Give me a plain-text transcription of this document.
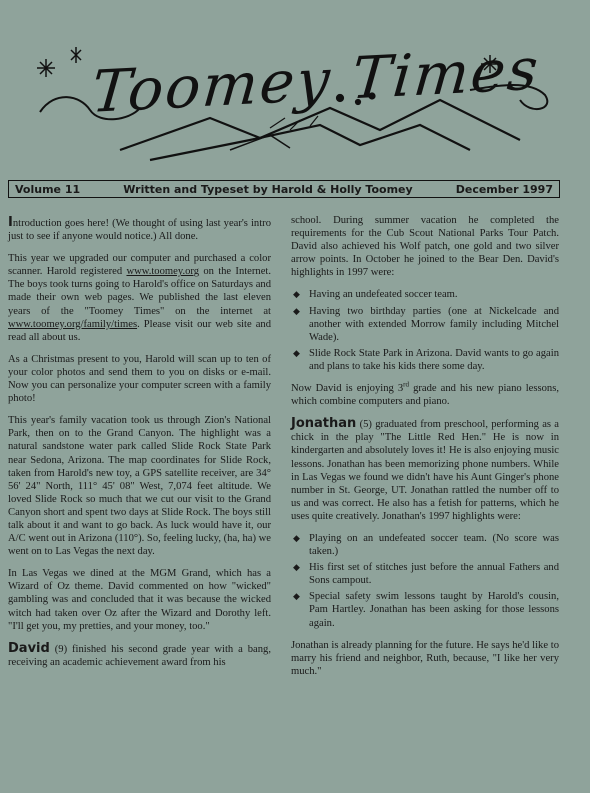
Toomey Times
Volume 11	Written and Typeset by Harold & Holly Toomey	December 1997

Introduction goes here! (We thought of using last year's intro just to see if anyone would notice.) All done.

This year we upgraded our computer and purchased a color scanner. Harold registered www.toomey.org on the Internet. The boys took turns going to Harold's office on Saturdays and made their own web pages. We published the last eleven years of the "Toomey Times" on the internet at www.toomey.org/family/times. Please visit our web site and read all about us.

As a Christmas present to you, Harold will scan up to ten of your color photos and send them to you on disks or e-mail. Now you can personalize your computer screen with a family photo!

This year's family vacation took us through Zion's National Park, then on to the Grand Canyon. The highlight was a natural sandstone water park called Slide Rock State Park near Sedona, Arizona. The map coordinates for Slide Rock, taken from Harold's new toy, a GPS satellite receiver, are 34° 56' 24" North, 111° 45' 08" West, 7,074 feet altitude. We loved Slide Rock so much that we cut our visit to the Grand Canyon short and spent two days at Slide Rock. The boys still talk about it and want to go back. As luck would have it, our A/C went out in Arizona (110°). So, feeling lucky, (ha, ha) we went on to Las Vegas the next day.

In Las Vegas we dined at the MGM Grand, which has a Wizard of Oz theme. David commented on how "wicked" gambling was and concluded that it was because the wicked witch had taken over Oz after the Wizard and Dorothy left. "I'll get you, my pretties, and your money, too."

David (9) finished his second grade year with a bang, receiving an academic achievement award from his

school. During summer vacation he completed the requirements for the Cub Scout National Parks Tour Patch. David also achieved his Wolf patch, one gold and two silver arrow points. In October he joined to the Bear Den. David's highlights in 1997 were:

◆ Having an undefeated soccer team.
◆ Having two birthday parties (one at Nickelcade and another with extended Morrow family including Mitchel Wade).
◆ Slide Rock State Park in Arizona. David wants to go again and plans to take his kids there some day.

Now David is enjoying 3rd grade and his new piano lessons, which combine computers and piano.

Jonathan (5) graduated from preschool, performing as a chick in the play "The Little Red Hen." He is now in kindergarten and absolutely loves it! He is also enjoying music lessons. Jonathan has been memorizing phone numbers. While in Las Vegas we found we didn't have his Aunt Ginger's phone number in St. George, UT. Jonathan rattled the number off to us and was correct. He also has a fetish for patterns, which he uses quite creatively. Jonathan's 1997 highlights were:

◆ Playing on an undefeated soccer team. (No score was taken.)
◆ His first set of stitches just before the annual Fathers and Sons campout.
◆ Special safety swim lessons taught by Harold's cousin, Pam Hartley. Jonathan has been asking for those lessons again.

Jonathan is already planning for the future. He says he'd like to marry his friend and neighbor, Ruth, because, "I like her very much."
